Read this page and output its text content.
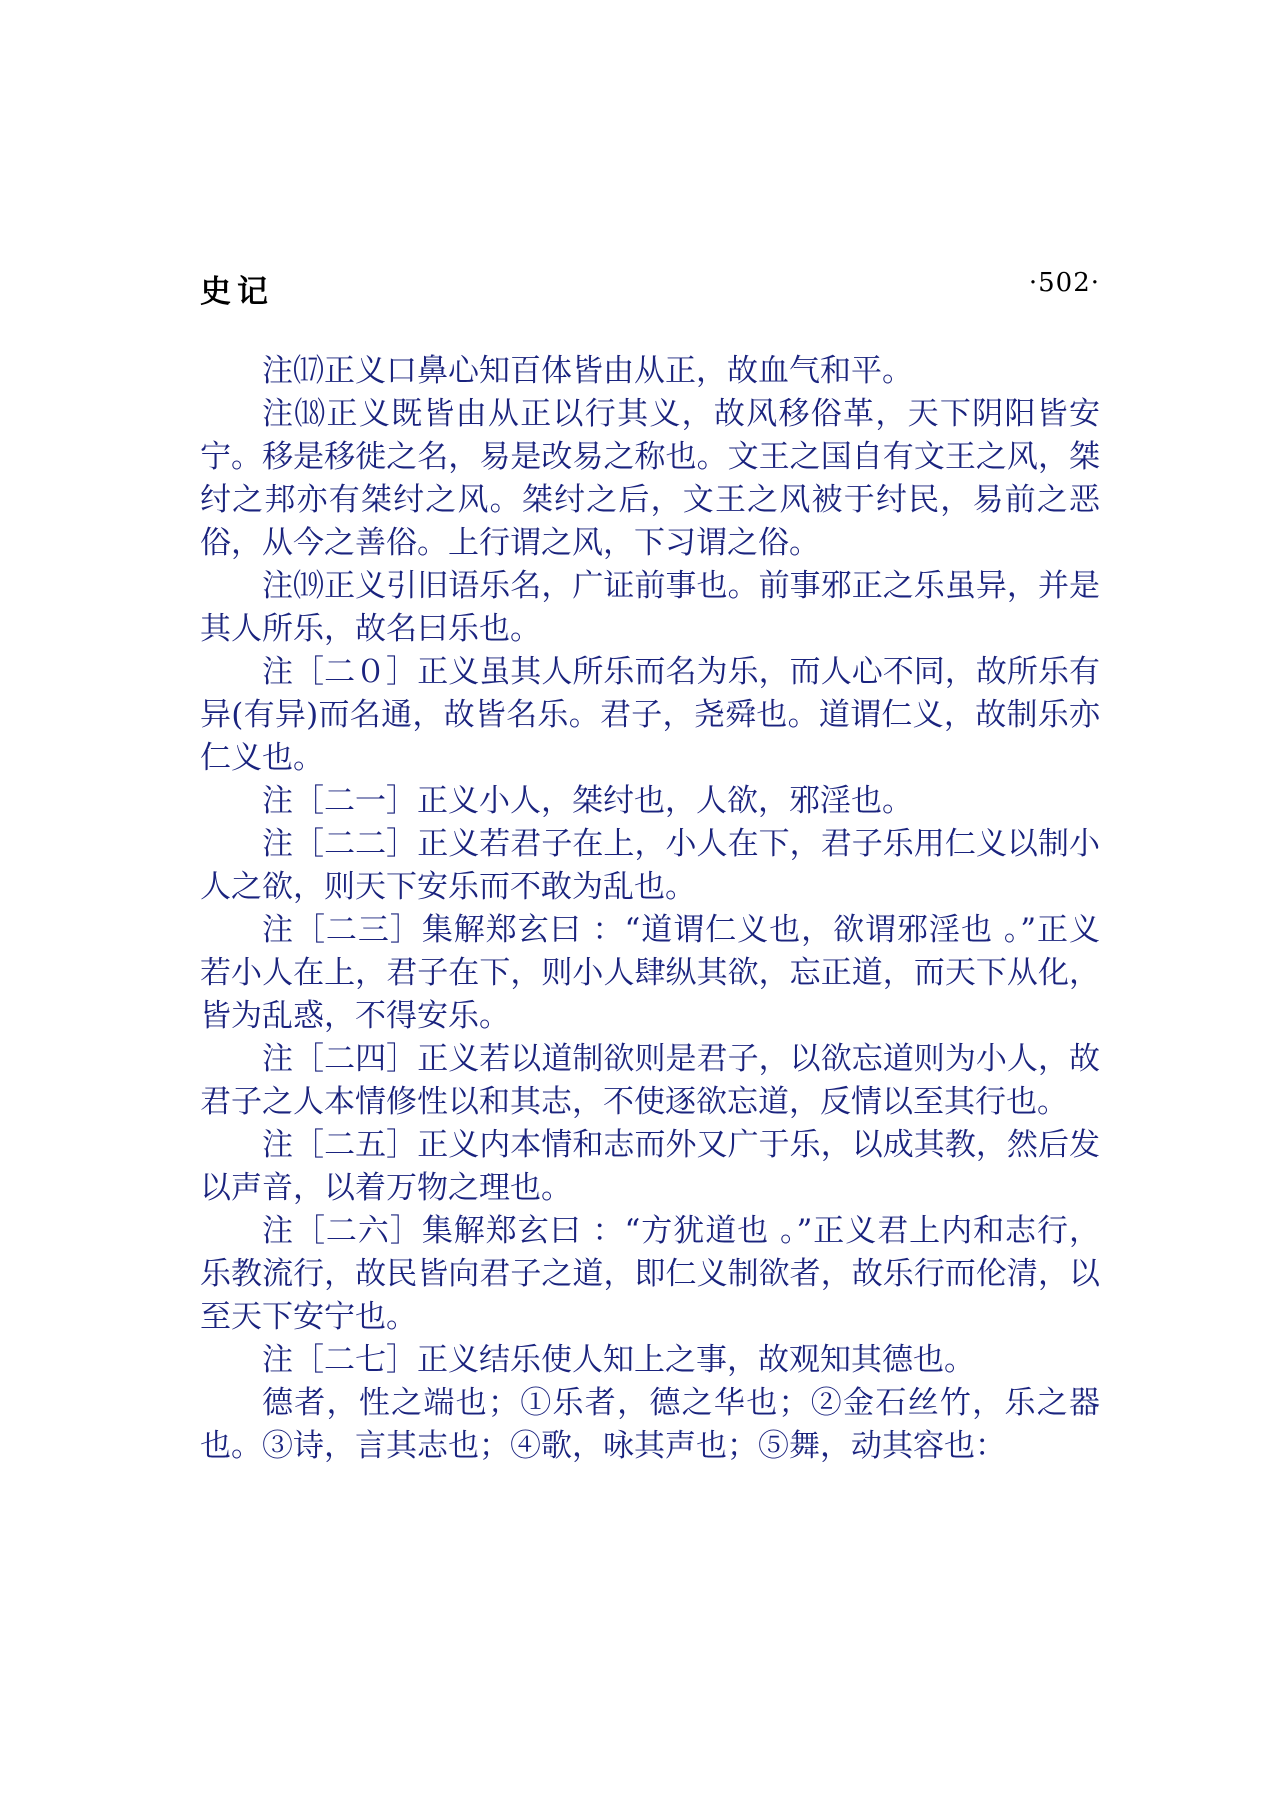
史记	·502·

注⒄正义口鼻心知百体皆由从正，故血气和平。

注⒅正义既皆由从正以行其义，故风移俗革，天下阴阳皆安宁。移是移徙之名，易是改易之称也。文王之国自有文王之风，桀纣之邦亦有桀纣之风。桀纣之后，文王之风被于纣民，易前之恶俗，从今之善俗。上行谓之风，下习谓之俗。

注⒆正义引旧语乐名，广证前事也。前事邪正之乐虽异，并是其人所乐，故名曰乐也。

注［二０］正义虽其人所乐而名为乐，而人心不同，故所乐有异(有异)而名通，故皆名乐。君子，尧舜也。道谓仁义，故制乐亦仁义也。

注［二一］正义小人，桀纣也，人欲，邪淫也。

注［二二］正义若君子在上，小人在下，君子乐用仁义以制小人之欲，则天下安乐而不敢为乱也。

注［二三］集解郑玄曰 ：“道谓仁义也，欲谓邪淫也 。”正义若小人在上，君子在下，则小人肆纵其欲，忘正道，而天下从化，皆为乱惑，不得安乐。

注［二四］正义若以道制欲则是君子，以欲忘道则为小人，故君子之人本情修性以和其志，不使逐欲忘道，反情以至其行也。

注［二五］正义内本情和志而外又广于乐，以成其教，然后发以声音，以着万物之理也。

注［二六］集解郑玄曰 ：“方犹道也 。”正义君上内和志行，乐教流行，故民皆向君子之道，即仁义制欲者，故乐行而伦清，以至天下安宁也。

注［二七］正义结乐使人知上之事，故观知其德也。

德者，性之端也；①乐者，德之华也；②金石丝竹，乐之器也。③诗，言其志也；④歌，咏其声也；⑤舞，动其容也：
